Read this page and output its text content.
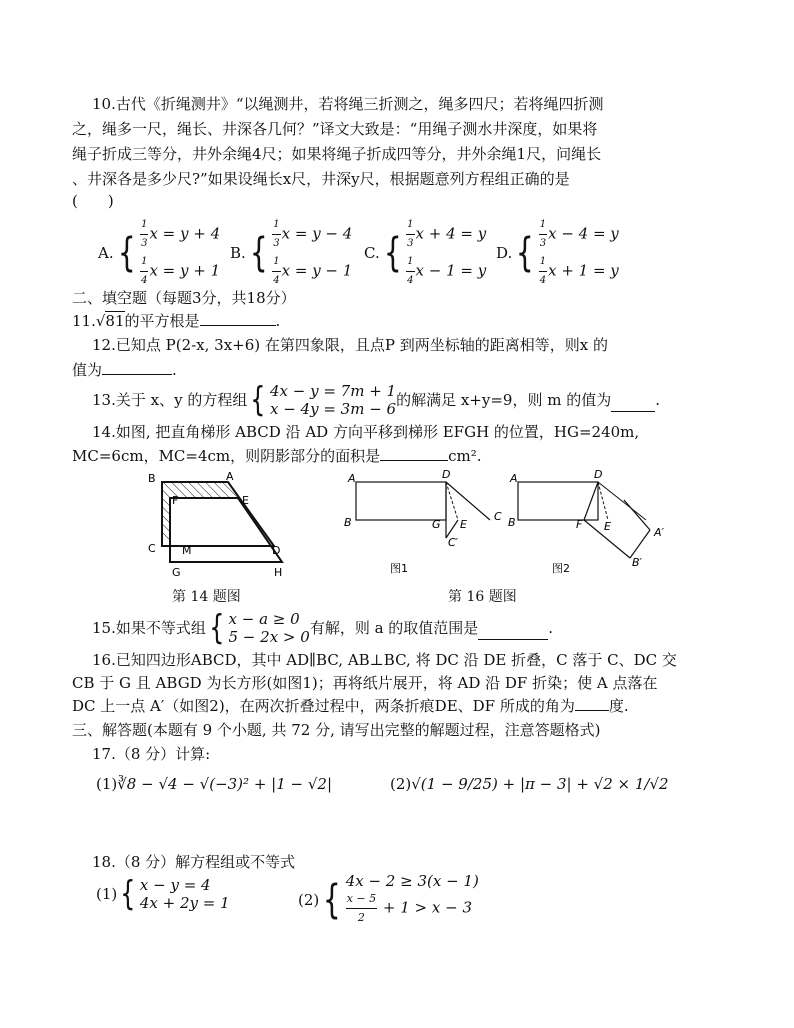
10.古代《折绳测井》“以绳测井，若将绳三折测之，绳多四尺；若将绳四折测
之，绳多一尺，绳长、井深各几何？”译文大致是：“用绳子测水井深度，如果将
绳子折成三等分，井外余绳4尺；如果将绳子折成四等分，井外余绳1尺，问绳长
、井深各是多少尺?”如果设绳长x尺，井深y尺，根据题意列方程组正确的是
(　　)
A. { $\frac{1}{3}$ x = y + 4
$\frac{1}{4}$ x = y + 1
B. { $\frac{1}{3}$ x = y − 4
$\frac{1}{4}$ x = y − 1
C. { $\frac{1}{3}$ x + 4 = y
$\frac{1}{4}$ x − 1 = y
D. { $\frac{1}{3}$ x − 4 = y
$\frac{1}{4}$ x + 1 = y
二、填空题（每题3分，共18分）
11.√81的平方根是	.
12.已知点 P(2-x, 3x+6) 在第四象限，且点P 到两坐标轴的距离相等，则x 的
值为	.
13.关于 x、y 的方程组 { 4x − y = 7m + 1
x − 4y = 3m − 6 的解满足 x+y=9，则 m 的值为	.
14.如图, 把直角梯形 ABCD 沿 AD 方向平移到梯形 EFGH 的位置，HG=240m,
MC=6cm，MC=4cm，则阴影部分的面积是	cm².
B	A
F	E
C M	D
G	H
A	D
B	G E
C
C′
图1
A	D
B	F E	A′
B′
图2
第 14 题图	第 16 题图
15.如果不等式组 { x − a ≥ 0
5 − 2x > 0 有解，则 a 的取值范围是	.
16.已知四边形ABCD，其中 AD∥BC, AB⊥BC, 将 DC 沿 DE 折叠，C 落于 C、DC 交
CB 于 G 且 ABGD 为长方形(如图1)；再将纸片展开，将 AD 沿 DF 折染；使 A 点落在
DC 上一点 A′（如图2)，在两次折叠过程中，两条折痕DE、DF 所成的角为 度.
三、解答题(本题有 9 个小题, 共 72 分, 请写出完整的解题过程，注意答题格式)
17.（8 分）计算:
(1)∛8 − √4 − √(−3)² + |1 − √2|	(2)√(1 − 9/25) + |π − 3| + √2 × 1/√2
18.（8 分）解方程组或不等式
(1) { x − y = 4
4x + 2y = 1	(2) { 4x − 2 ≥ 3(x − 1)
$\frac{x - 5}{2} + 1 > x - 3$
